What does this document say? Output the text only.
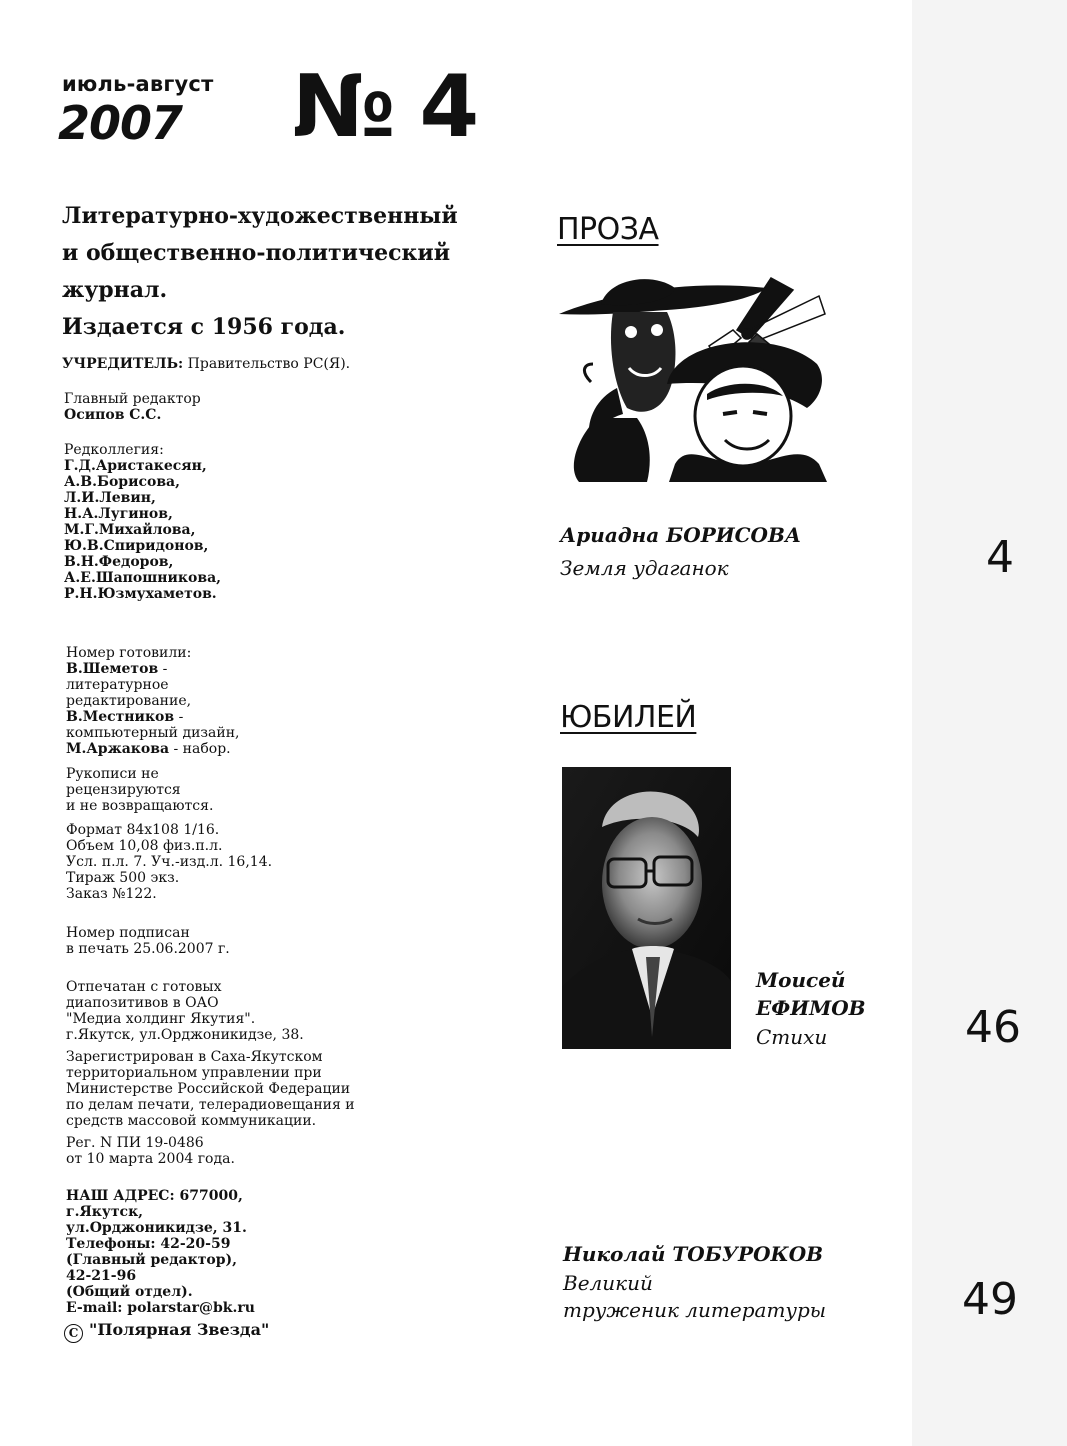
июль-август
2007 № 4
Литературно-художественный
и общественно-политический
журнал.
Издается с 1956 года.
УЧРЕДИТЕЛЬ: Правительство РС(Я).
Главный редактор
Осипов С.С.
Редколлегия:
Г.Д.Аристакесян,
А.В.Борисова,
Л.И.Левин,
Н.А.Лугинов,
М.Г.Михайлова,
Ю.В.Спиридонов,
В.Н.Федоров,
А.Е.Шапошникова,
Р.Н.Юзмухаметов.
Номер готовили:
В.Шеметов -
литературное
редактирование,
В.Местников -
компьютерный дизайн,
М.Аржакова - набор.
Рукописи не
рецензируются
и не возвращаются.
Формат 84x108 1/16.
Объем 10,08 физ.п.л.
Усл. п.л. 7. Уч.-изд.л. 16,14.
Тираж 500 экз.
Заказ №122.
Номер подписан
в печать 25.06.2007 г.
Отпечатан с готовых
диапозитивов в ОАО
"Медиа холдинг Якутия".
г.Якутск, ул.Орджоникидзе, 38.
Зарегистрирован в Саха-Якутском
территориальном управлении при
Министерстве Российской Федерации
по делам печати, телерадиовещания и
средств массовой коммуникации.
Рег. N ПИ 19-0486
от 10 марта 2004 года.
НАШ АДРЕС: 677000,
г.Якутск,
ул.Орджоникидзе, 31.
Телефоны: 42-20-59
(Главный редактор),
42-21-96
(Общий отдел).
E-mail: polarstar@bk.ru
C "Полярная Звезда"
ПРОЗА
Ариадна БОРИСОВА
Земля удаганок	4
ЮБИЛЕЙ
Моисей
ЕФИМОВ
Стихи	46
Николай ТОБУРОКОВ
Великий
труженик литературы	49
